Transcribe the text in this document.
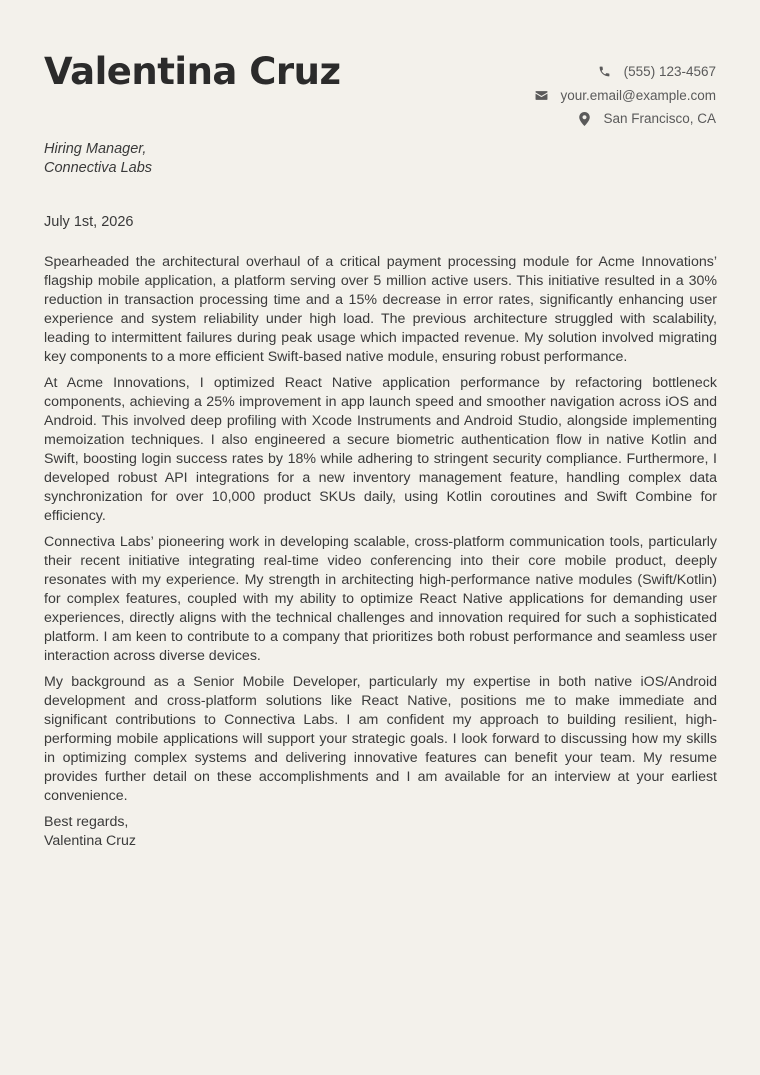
Valentina Cruz	(555) 123-4567
your.email@example.com
San Francisco, CA
Hiring Manager,
Connectiva Labs
July 1st, 2026

Spearheaded the architectural overhaul of a critical payment processing module for Acme Innovations’ flagship mobile application, a platform serving over 5 million active users. This initiative resulted in a 30% reduction in transaction processing time and a 15% decrease in error rates, significantly enhancing user experience and system reliability under high load. The previous architecture struggled with scalability, leading to intermittent failures during peak usage which impacted revenue. My solution involved migrating key components to a more efficient Swift-based native module, ensuring robust performance.

At Acme Innovations, I optimized React Native application performance by refactoring bottleneck components, achieving a 25% improvement in app launch speed and smoother navigation across iOS and Android. This involved deep profiling with Xcode Instruments and Android Studio, alongside implementing memoization techniques. I also engineered a secure biometric authentication flow in native Kotlin and Swift, boosting login success rates by 18% while adhering to stringent security compliance. Furthermore, I developed robust API integrations for a new inventory management feature, handling complex data synchronization for over 10,000 product SKUs daily, using Kotlin coroutines and Swift Combine for efficiency.

Connectiva Labs’ pioneering work in developing scalable, cross-platform communication tools, particularly their recent initiative integrating real-time video conferencing into their core mobile product, deeply resonates with my experience. My strength in architecting high-performance native modules (Swift/Kotlin) for complex features, coupled with my ability to optimize React Native applications for demanding user experiences, directly aligns with the technical challenges and innovation required for such a sophisticated platform. I am keen to contribute to a company that prioritizes both robust performance and seamless user interaction across diverse devices.

My background as a Senior Mobile Developer, particularly my expertise in both native iOS/Android development and cross-platform solutions like React Native, positions me to make immediate and significant contributions to Connectiva Labs. I am confident my approach to building resilient, high-performing mobile applications will support your strategic goals. I look forward to discussing how my skills in optimizing complex systems and delivering innovative features can benefit your team. My resume provides further detail on these accomplishments and I am available for an interview at your earliest convenience.

Best regards,
Valentina Cruz
